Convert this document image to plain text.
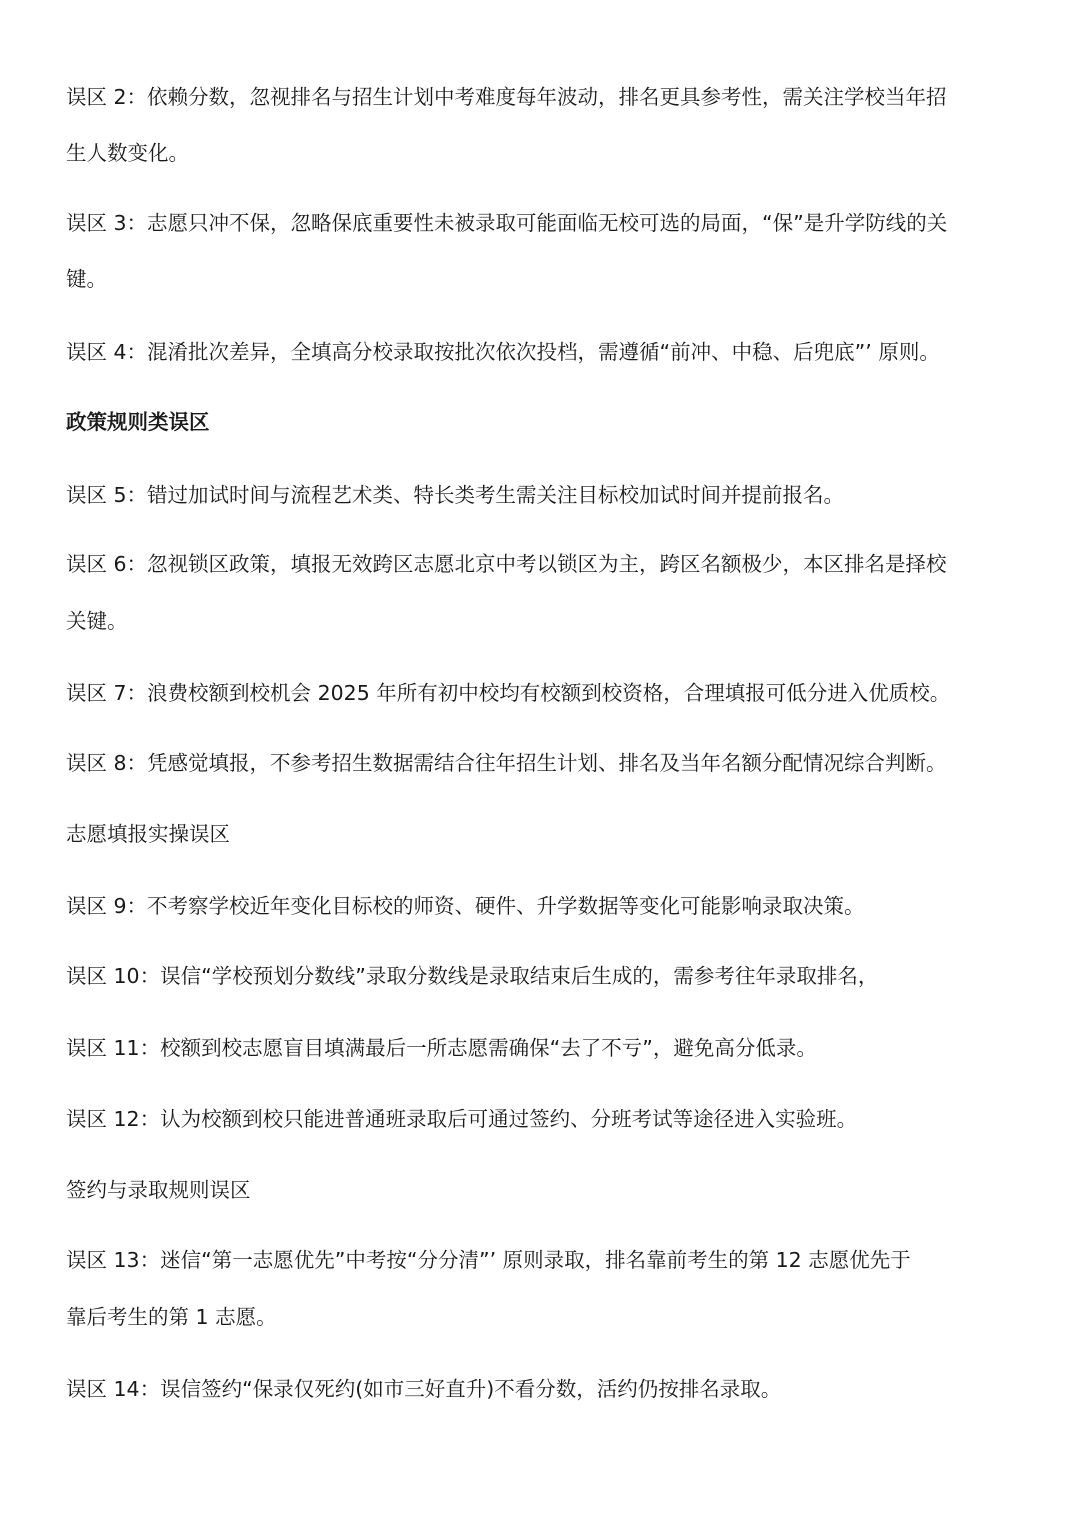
误区 2：依赖分数，忽视排名与招生计划中考难度每年波动，排名更具参考性，需关注学校当年招
生人数变化。
误区 3：志愿只冲不保，忽略保底重要性未被录取可能面临无校可选的局面，“保”是升学防线的关
键。
误区 4：混淆批次差异，全填高分校录取按批次依次投档，需遵循“前冲、中稳、后兜底”’ 原则。
政策规则类误区
误区 5：错过加试时间与流程艺术类、特长类考生需关注目标校加试时间并提前报名。
误区 6：忽视锁区政策，填报无效跨区志愿北京中考以锁区为主，跨区名额极少，本区排名是择校
关键。
误区 7：浪费校额到校机会 2025 年所有初中校均有校额到校资格，合理填报可低分进入优质校。
误区 8：凭感觉填报，不参考招生数据需结合往年招生计划、排名及当年名额分配情况综合判断。
志愿填报实操误区
误区 9：不考察学校近年变化目标校的师资、硬件、升学数据等变化可能影响录取决策。
误区 10：误信“学校预划分数线”录取分数线是录取结束后生成的，需参考往年录取排名，
误区 11：校额到校志愿盲目填满最后一所志愿需确保“去了不亏”，避免高分低录。
误区 12：认为校额到校只能进普通班录取后可通过签约、分班考试等途径进入实验班。
签约与录取规则误区
误区 13：迷信“第一志愿优先”中考按“分分清”’ 原则录取，排名靠前考生的第 12 志愿优先于
靠后考生的第 1 志愿。
误区 14：误信签约“保录仅死约(如市三好直升)不看分数，活约仍按排名录取。
